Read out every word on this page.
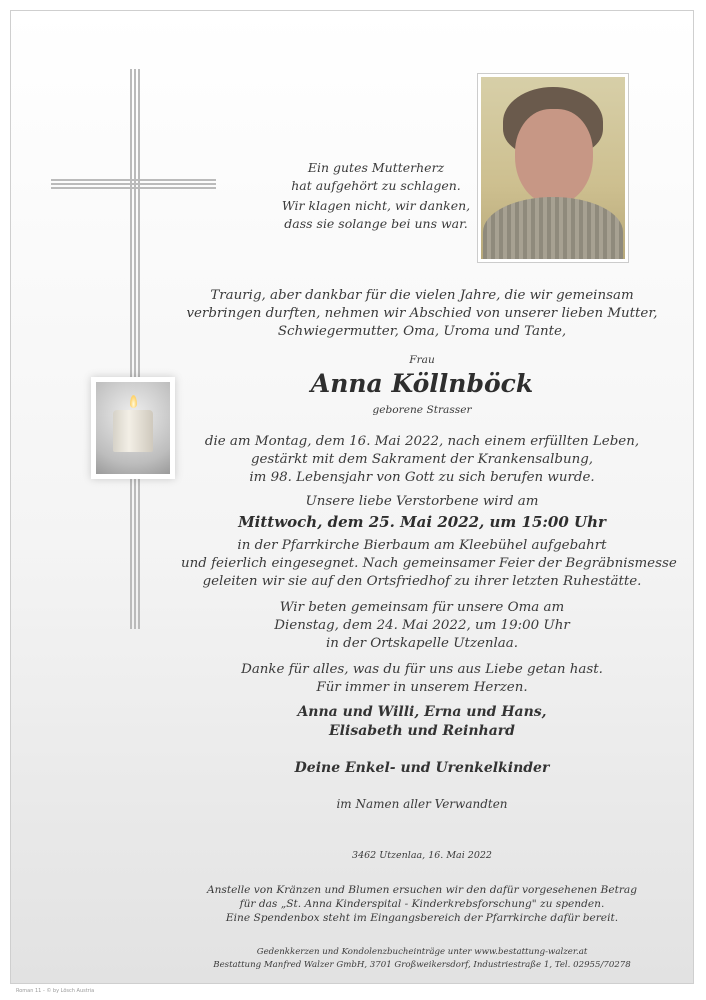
Ein gutes Mutterherz
hat aufgehört zu schlagen.
Wir klagen nicht, wir danken,
dass sie solange bei uns war.
Traurig, aber dankbar für die vielen Jahre, die wir gemeinsam
verbringen durften, nehmen wir Abschied von unserer lieben Mutter,
Schwiegermutter, Oma, Uroma und Tante,
Frau
Anna Köllnböck
geborene Strasser
die am Montag, dem 16. Mai 2022, nach einem erfüllten Leben,
gestärkt mit dem Sakrament der Krankensalbung,
im 98. Lebensjahr von Gott zu sich berufen wurde.
Unsere liebe Verstorbene wird am
Mittwoch, dem 25. Mai 2022, um 15:00 Uhr
in der Pfarrkirche Bierbaum am Kleebühel aufgebahrt
und feierlich eingesegnet. Nach gemeinsamer Feier der Begräbnismesse
geleiten wir sie auf den Ortsfriedhof zu ihrer letzten Ruhestätte.
Wir beten gemeinsam für unsere Oma am
Dienstag, dem 24. Mai 2022, um 19:00 Uhr
in der Ortskapelle Utzenlaa.
Danke für alles, was du für uns aus Liebe getan hast.
Für immer in unserem Herzen.
Anna und Willi, Erna und Hans,
Elisabeth und Reinhard
Deine Enkel- und Urenkelkinder
im Namen aller Verwandten
3462 Utzenlaa, 16. Mai 2022
Anstelle von Kränzen und Blumen ersuchen wir den dafür vorgesehenen Betrag
für das „St. Anna Kinderspital - Kinderkrebsforschung" zu spenden.
Eine Spendenbox steht im Eingangsbereich der Pfarrkirche dafür bereit.
Gedenkkerzen und Kondolenzbucheinträge unter www.bestattung-walzer.at
Bestattung Manfred Walzer GmbH, 3701 Großweikersdorf, Industriestraße 1, Tel. 02955/70278
Roman 11 - © by Lösch Austria
